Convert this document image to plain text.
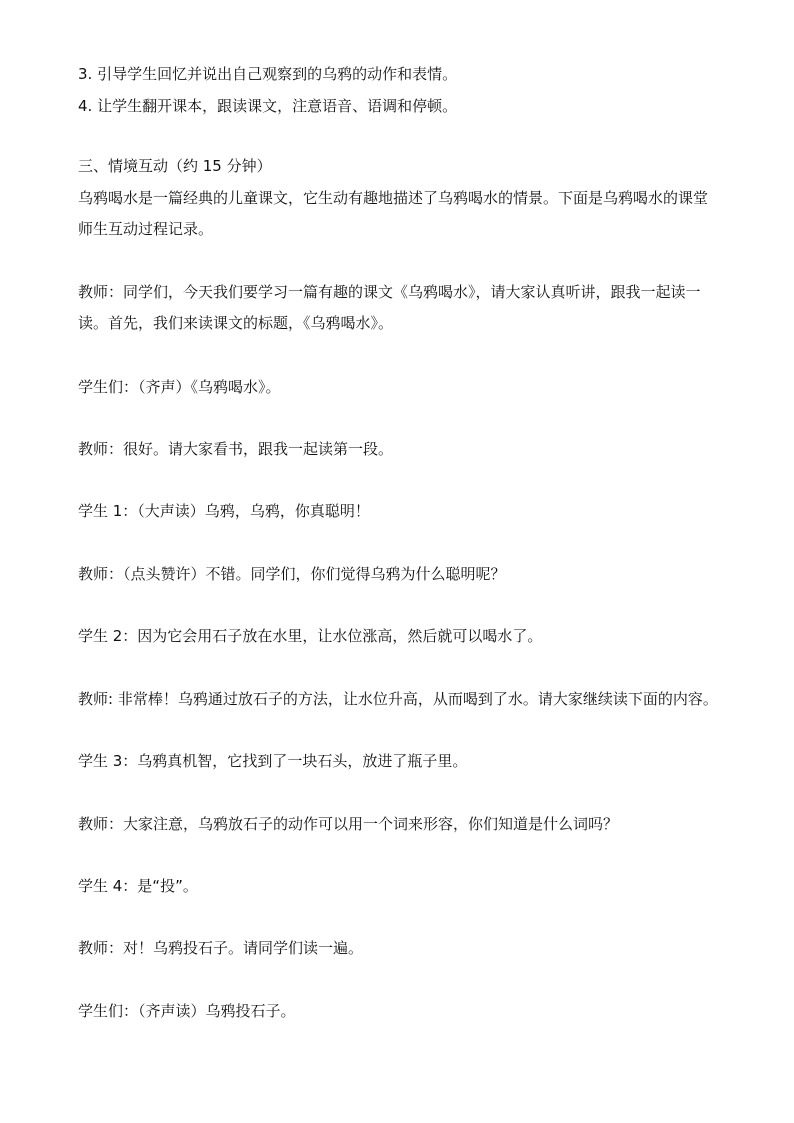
3. 引导学生回忆并说出自己观察到的乌鸦的动作和表情。
4. 让学生翻开课本，跟读课文，注意语音、语调和停顿。
三、情境互动（约 15 分钟）
乌鸦喝水是一篇经典的儿童课文，它生动有趣地描述了乌鸦喝水的情景。下面是乌鸦喝水的课堂
师生互动过程记录。
教师：同学们，今天我们要学习一篇有趣的课文《乌鸦喝水》，请大家认真听讲，跟我一起读一
读。首先，我们来读课文的标题，《乌鸦喝水》。
学生们：（齐声）《乌鸦喝水》。
教师：很好。请大家看书，跟我一起读第一段。
学生 1：（大声读）乌鸦，乌鸦，你真聪明！
教师：（点头赞许）不错。同学们，你们觉得乌鸦为什么聪明呢？
学生 2：因为它会用石子放在水里，让水位涨高，然后就可以喝水了。
教师: 非常棒！乌鸦通过放石子的方法，让水位升高，从而喝到了水。请大家继续读下面的内容。
学生 3：乌鸦真机智，它找到了一块石头，放进了瓶子里。
教师：大家注意，乌鸦放石子的动作可以用一个词来形容，你们知道是什么词吗？
学生 4：是“投”。
教师：对！乌鸦投石子。请同学们读一遍。
学生们：（齐声读）乌鸦投石子。
